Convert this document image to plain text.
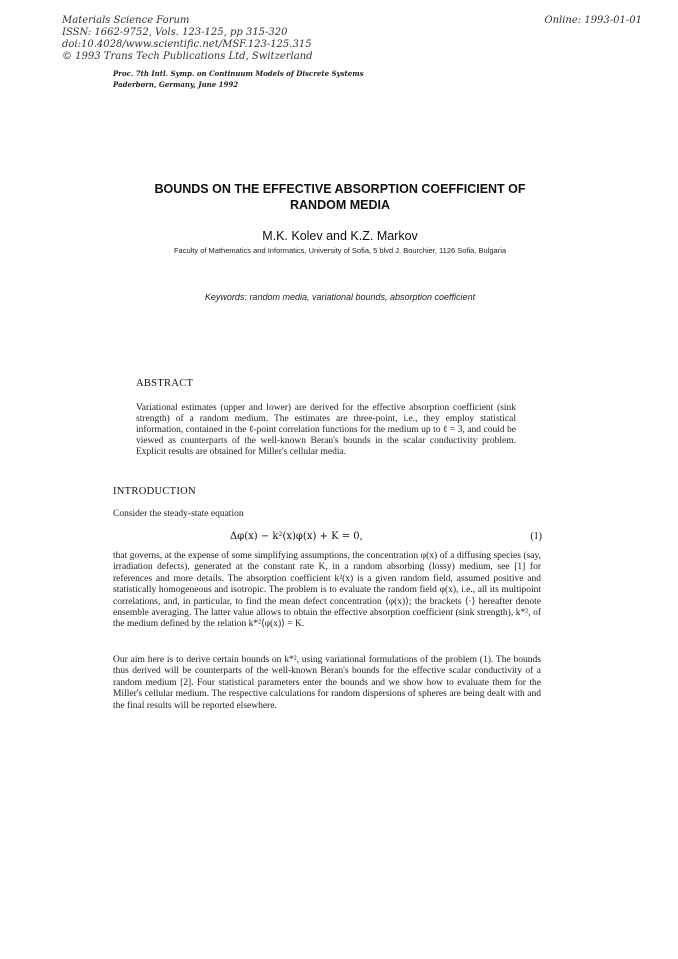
Materials Science Forum
ISSN: 1662-9752, Vols. 123-125, pp 315-320
doi:10.4028/www.scientific.net/MSF.123-125.315
© 1993 Trans Tech Publications Ltd, Switzerland
Online: 1993-01-01
Proc. 7th Intl. Symp. on Continuum Models of Discrete Systems
Paderborn, Germany, June 1992
BOUNDS ON THE EFFECTIVE ABSORPTION COEFFICIENT OF
RANDOM MEDIA
M.K. Kolev and K.Z. Markov
Faculty of Mathematics and Informatics, University of Sofia, 5 blvd J. Bourchier, 1126 Sofia, Bulgaria
Keywords: random media, variational bounds, absorption coefficient
ABSTRACT
Variational estimates (upper and lower) are derived for the effective absorption coefficient (sink strength) of a random medium. The estimates are three-point, i.e., they employ statistical information, contained in the ℓ-point correlation functions for the medium up to ℓ = 3, and could be viewed as counterparts of the well-known Beran's bounds in the scalar conductivity problem. Explicit results are obtained for Miller's cellular media.
INTRODUCTION
Consider the steady-state equation
Δφ(x) − k²(x)φ(x) + K = 0,	(1)
that governs, at the expense of some simplifying assumptions, the concentration φ(x) of a diffusing species (say, irradiation defects), generated at the constant rate K, in a random absorbing (lossy) medium, see [1] for references and more details. The absorption coefficient k²(x) is a given random field, assumed positive and statistically homogeneous and isotropic. The problem is to evaluate the random field φ(x), i.e., all its multipoint correlations, and, in particular, to find the mean defect concentration ⟨φ(x)⟩; the brackets ⟨·⟩ hereafter denote ensemble averaging. The latter value allows to obtain the effective absorption coefficient (sink strength), k*², of the medium defined by the relation k*²⟨φ(x)⟩ = K.
Our aim here is to derive certain bounds on k*², using variational formulations of the problem (1). The bounds thus derived will be counterparts of the well-known Beran's bounds for the effective scalar conductivity of a random medium [2]. Four statistical parameters enter the bounds and we show how to evaluate them for the Miller's cellular medium. The respective calculations for random dispersions of spheres are being dealt with and the final results will be reported elsewhere.
